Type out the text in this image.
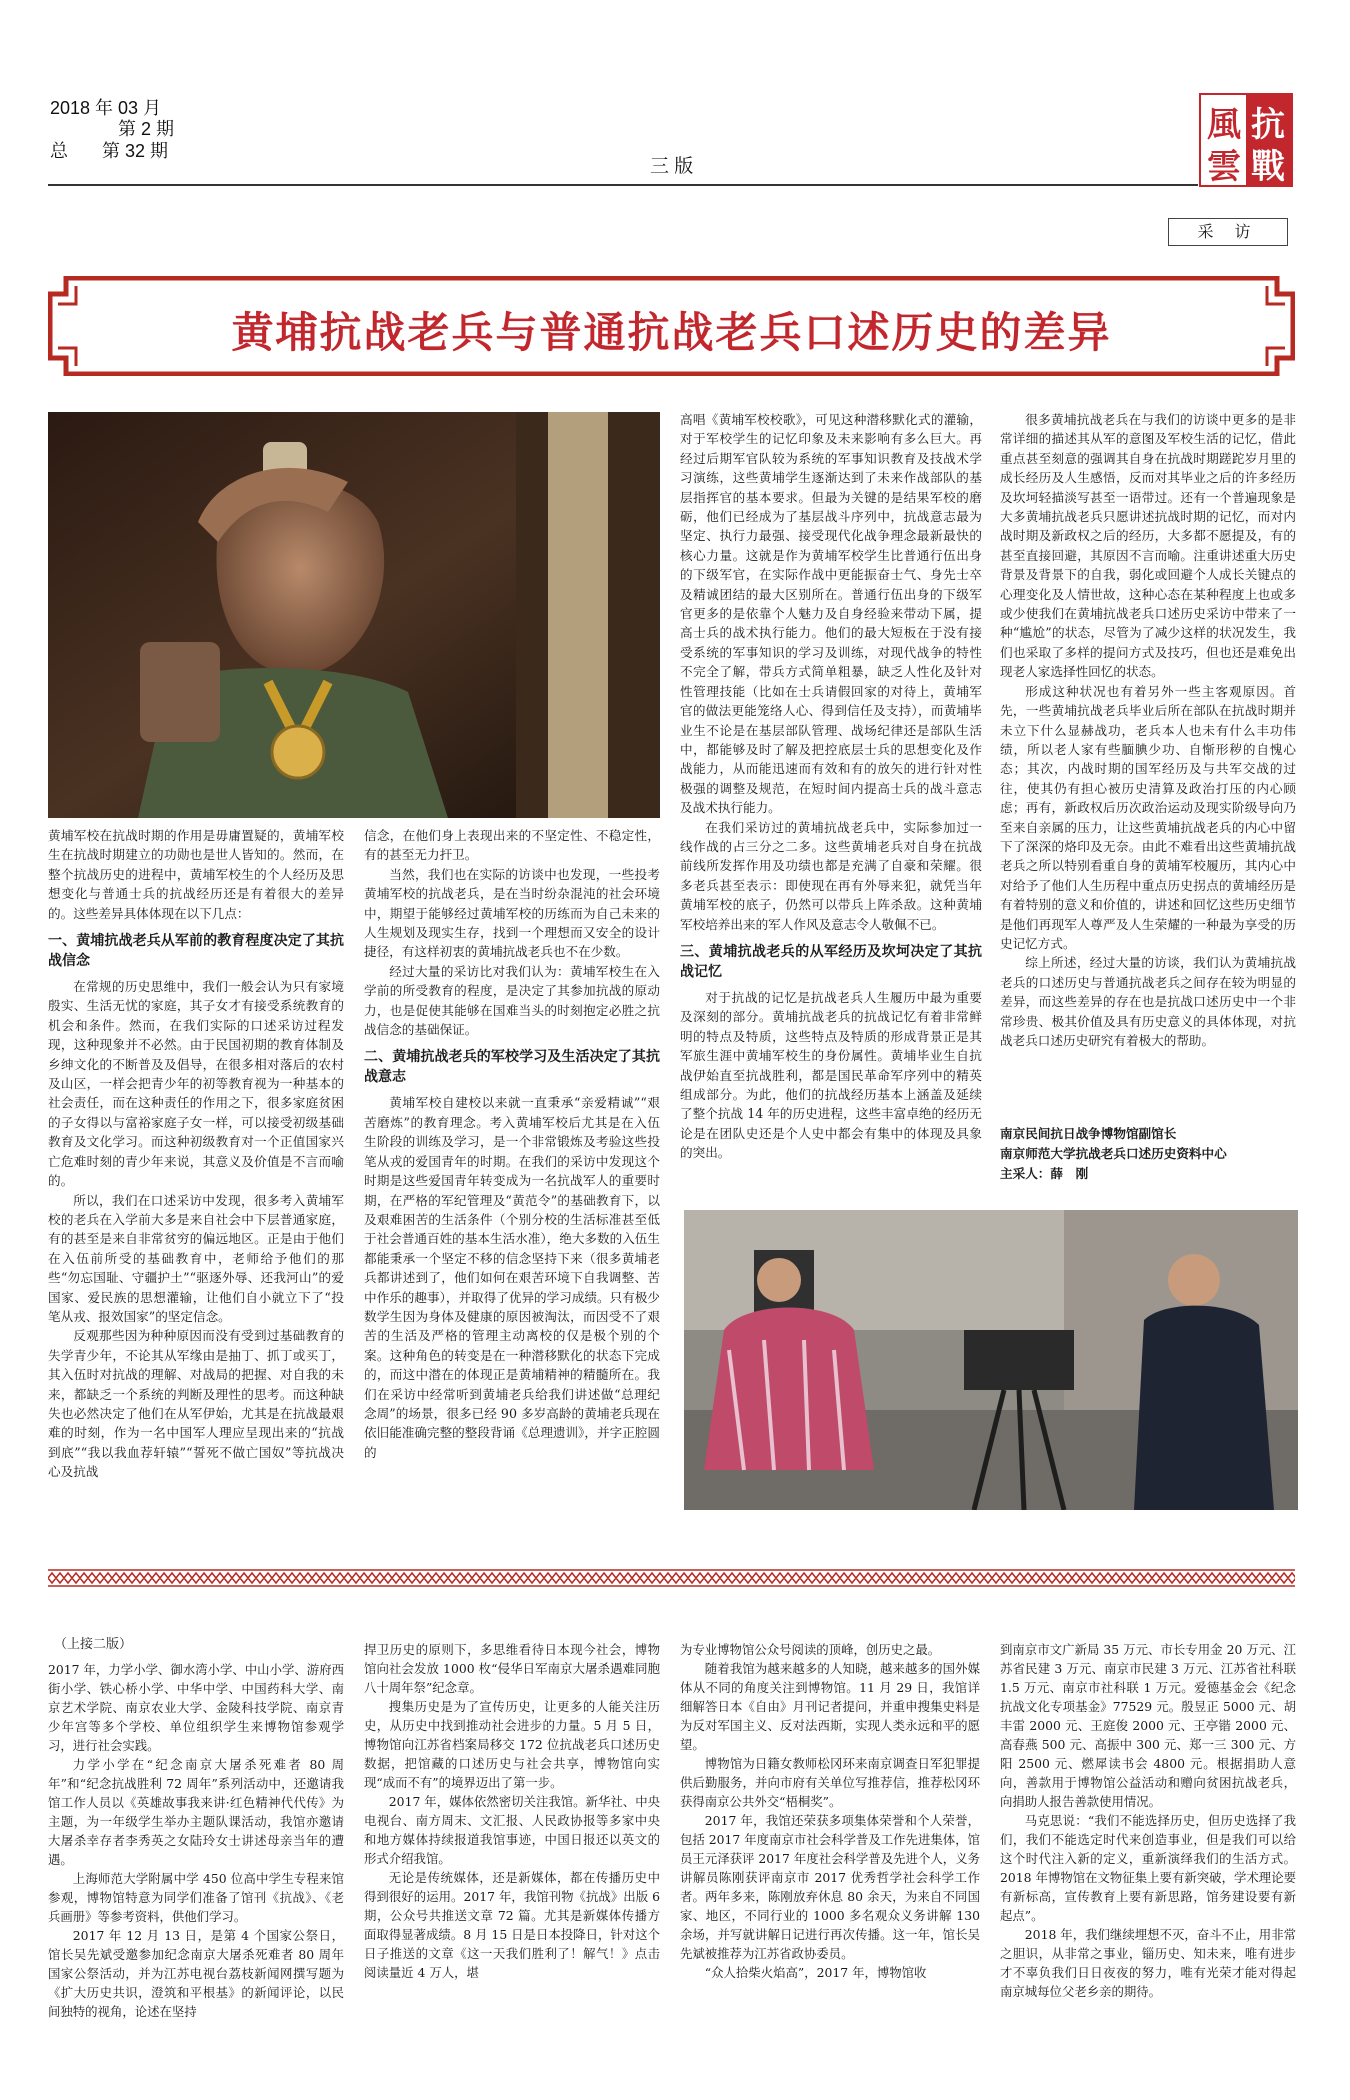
2018 年 03 月
第 2 期
总 第 32 期
三 版
風 抗
雲 戰
采 访
黄埔抗战老兵与普通抗战老兵口述历史的差异

黄埔军校在抗战时期的作用是毋庸置疑的，黄埔军校生在抗战时期建立的功勋也是世人皆知的。然而，在整个抗战历史的进程中，黄埔军校生的个人经历及思想变化与普通士兵的抗战经历还是有着很大的差异的。这些差异具体体现在以下几点：

一、黄埔抗战老兵从军前的教育程度决定了其抗战信念

在常规的历史思维中，我们一般会认为只有家境殷实、生活无忧的家庭，其子女才有接受系统教育的机会和条件。然而，在我们实际的口述采访过程发现，这种现象并不必然。由于民国初期的教育体制及乡绅文化的不断普及及倡导，在很多相对落后的农村及山区，一样会把青少年的初等教育视为一种基本的社会责任，而在这种责任的作用之下，很多家庭贫困的子女得以与富裕家庭子女一样，可以接受初级基础教育及文化学习。而这种初级教育对一个正值国家兴亡危难时刻的青少年来说，其意义及价值是不言而喻的。

所以，我们在口述采访中发现，很多考入黄埔军校的老兵在入学前大多是来自社会中下层普通家庭，有的甚至是来自非常贫穷的偏远地区。正是由于他们在入伍前所受的基础教育中，老师给予他们的那些“勿忘国耻、守疆护土”“驱逐外辱、还我河山”的爱国家、爱民族的思想灌输，让他们自小就立下了“投笔从戎、报效国家”的坚定信念。

反观那些因为种种原因而没有受到过基础教育的失学青少年，不论其从军缘由是抽丁、抓丁或买丁，其入伍时对抗战的理解、对战局的把握、对自我的未来，都缺乏一个系统的判断及理性的思考。而这种缺失也必然决定了他们在从军伊始，尤其是在抗战最艰难的时刻，作为一名中国军人理应呈现出来的“抗战到底”“我以我血荐轩辕”“誓死不做亡国奴”等抗战决心及抗战

信念，在他们身上表现出来的不坚定性、不稳定性，有的甚至无力扞卫。

当然，我们也在实际的访谈中也发现，一些投考黄埔军校的抗战老兵，是在当时纷杂混沌的社会环境中，期望于能够经过黄埔军校的历练而为自己未来的人生规划及现实生存，找到一个理想而又安全的设计捷径，有这样初衷的黄埔抗战老兵也不在少数。

经过大量的采访比对我们认为：黄埔军校生在入学前的所受教育的程度，是决定了其参加抗战的原动力，也是促使其能够在国难当头的时刻抱定必胜之抗战信念的基础保证。

二、黄埔抗战老兵的军校学习及生活决定了其抗战意志

黄埔军校自建校以来就一直秉承“亲爱精诚”“艰苦磨炼”的教育理念。考入黄埔军校后尤其是在入伍生阶段的训练及学习，是一个非常锻炼及考验这些投笔从戎的爱国青年的时期。在我们的采访中发现这个时期是这些爱国青年转变成为一名抗战军人的重要时期，在严格的军纪管理及“黄范令”的基础教育下，以及艰难困苦的生活条件（个别分校的生活标准甚至低于社会普通百姓的基本生活水准），绝大多数的入伍生都能秉承一个坚定不移的信念坚持下来（很多黄埔老兵都讲述到了，他们如何在艰苦环境下自我调整、苦中作乐的趣事），并取得了优异的学习成绩。只有极少数学生因为身体及健康的原因被淘汰，而因受不了艰苦的生活及严格的管理主动离校的仅是极个别的个案。这种角色的转变是在一种潜移默化的状态下完成的，而这中潜在的体现正是黄埔精神的精髓所在。我们在采访中经常听到黄埔老兵给我们讲述做“总理纪念周”的场景，很多已经 90 多岁高龄的黄埔老兵现在依旧能准确完整的整段背诵《总理遗训》，并字正腔圆的

高唱《黄埔军校校歌》，可见这种潜移默化式的灌输，对于军校学生的记忆印象及未来影响有多么巨大。再经过后期军官队较为系统的军事知识教育及技战术学习演练，这些黄埔学生逐渐达到了未来作战部队的基层指挥官的基本要求。但最为关键的是结果军校的磨砺，他们已经成为了基层战斗序列中，抗战意志最为坚定、执行力最强、接受现代化战争理念最新最快的核心力量。这就是作为黄埔军校学生比普通行伍出身的下级军官，在实际作战中更能振奋士气、身先士卒及精诚团结的最大区别所在。普通行伍出身的下级军官更多的是依靠个人魅力及自身经验来带动下属，提高士兵的战术执行能力。他们的最大短板在于没有接受系统的军事知识的学习及训练，对现代战争的特性不完全了解，带兵方式简单粗暴，缺乏人性化及针对性管理技能（比如在士兵请假回家的对待上，黄埔军官的做法更能笼络人心、得到信任及支持），而黄埔毕业生不论是在基层部队管理、战场纪律还是部队生活中，都能够及时了解及把控底层士兵的思想变化及作战能力，从而能迅速而有效和有的放矢的进行针对性极强的调整及规范，在短时间内提高士兵的战斗意志及战术执行能力。

在我们采访过的黄埔抗战老兵中，实际参加过一线作战的占三分之二多。这些黄埔老兵对自身在抗战前线所发挥作用及功绩也都是充满了自豪和荣耀。很多老兵甚至表示：即使现在再有外辱来犯，就凭当年黄埔军校的底子，仍然可以带兵上阵杀敌。这种黄埔军校培养出来的军人作风及意志令人敬佩不已。

三、黄埔抗战老兵的从军经历及坎坷决定了其抗战记忆

对于抗战的记忆是抗战老兵人生履历中最为重要及深刻的部分。黄埔抗战老兵的抗战记忆有着非常鲜明的特点及特质，这些特点及特质的形成背景正是其军旅生涯中黄埔军校生的身份属性。黄埔毕业生自抗战伊始直至抗战胜利，都是国民革命军序列中的精英组成部分。为此，他们的抗战经历基本上涵盖及延续了整个抗战 14 年的历史进程，这些丰富卓绝的经历无论是在团队史还是个人史中都会有集中的体现及具象的突出。

很多黄埔抗战老兵在与我们的访谈中更多的是非常详细的描述其从军的意图及军校生活的记忆，借此重点甚至刻意的强调其自身在抗战时期蹉跎岁月里的成长经历及人生感悟，反而对其毕业之后的许多经历及坎坷轻描淡写甚至一语带过。还有一个普遍现象是大多黄埔抗战老兵只愿讲述抗战时期的记忆，而对内战时期及新政权之后的经历，大多都不愿提及，有的甚至直接回避，其原因不言而喻。注重讲述重大历史背景及背景下的自我，弱化或回避个人成长关键点的心理变化及人情世故，这种心态在某种程度上也或多或少使我们在黄埔抗战老兵口述历史采访中带来了一种“尴尬”的状态，尽管为了减少这样的状况发生，我们也采取了多样的提问方式及技巧，但也还是难免出现老人家选择性回忆的状态。

形成这种状况也有着另外一些主客观原因。首先，一些黄埔抗战老兵毕业后所在部队在抗战时期并未立下什么显赫战功，老兵本人也未有什么丰功伟绩，所以老人家有些腼腆少功、自惭形秽的自愧心态；其次，内战时期的国军经历及与共军交战的过往，使其仍有担心被历史清算及政治打压的内心顾虑；再有，新政权后历次政治运动及现实阶级导向乃至来自亲属的压力，让这些黄埔抗战老兵的内心中留下了深深的烙印及无奈。由此不难看出这些黄埔抗战老兵之所以特别看重自身的黄埔军校履历，其内心中对给予了他们人生历程中重点历史拐点的黄埔经历是有着特别的意义和价值的，讲述和回忆这些历史细节是他们再现军人尊严及人生荣耀的一种最为享受的历史记忆方式。

综上所述，经过大量的访谈，我们认为黄埔抗战老兵的口述历史与普通抗战老兵之间存在较为明显的差异，而这些差异的存在也是抗战口述历史中一个非常珍贵、极其价值及具有历史意义的具体体现，对抗战老兵口述历史研究有着极大的帮助。

南京民间抗日战争博物馆副馆长
南京师范大学抗战老兵口述历史资料中心
主采人：薛　刚
（上接二版）

2017 年，力学小学、御水湾小学、中山小学、游府西街小学、铁心桥小学、中华中学、中国药科大学、南京艺术学院、南京农业大学、金陵科技学院、南京青少年宫等多个学校、单位组织学生来博物馆参观学习，进行社会实践。

力学小学在“纪念南京大屠杀死难者 80 周年”和“纪念抗战胜利 72 周年”系列活动中，还邀请我馆工作人员以《英雄故事我来讲·红色精神代代传》为主题，为一年级学生举办主题队课活动，我馆亦邀请大屠杀幸存者李秀英之女陆玲女士讲述母亲当年的遭遇。

上海师范大学附属中学 450 位高中学生专程来馆参观，博物馆特意为同学们准备了馆刊《抗战》、《老兵画册》等参考资料，供他们学习。

2017 年 12 月 13 日，是第 4 个国家公祭日，馆长吴先斌受邀参加纪念南京大屠杀死难者 80 周年国家公祭活动，并为江苏电视台荔枝新闻网撰写题为《扩大历史共识，澄筑和平根基》的新闻评论，以民间独特的视角，论述在坚持

捍卫历史的原则下，多思维看待日本现今社会，博物馆向社会发放 1000 枚“侵华日军南京大屠杀遇难同胞八十周年祭”纪念章。

搜集历史是为了宣传历史，让更多的人能关注历史，从历史中找到推动社会进步的力量。5 月 5 日，博物馆向江苏省档案局移交 172 位抗战老兵口述历史数据，把馆藏的口述历史与社会共享，博物馆向实现“成而不有”的境界迈出了第一步。

2017 年，媒体依然密切关注我馆。新华社、中央电视台、南方周末、文汇报、人民政协报等多家中央和地方媒体持续报道我馆事迹，中国日报还以英文的形式介绍我馆。

无论是传统媒体，还是新媒体，都在传播历史中得到很好的运用。2017 年，我馆刊物《抗战》出版 6 期，公众号共推送文章 72 篇。尤其是新媒体传播方面取得显著成绩。8 月 15 日是日本投降日，针对这个日子推送的文章《这一天我们胜利了！解气！》点击阅读量近 4 万人，堪

为专业博物馆公众号阅读的顶峰，创历史之最。

随着我馆为越来越多的人知晓，越来越多的国外媒体从不同的角度关注到博物馆。11 月 29 日，我馆详细解答日本《自由》月刊记者提问，并重申搜集史料是为反对军国主义、反对法西斯，实现人类永远和平的愿望。

博物馆为日籍女教师松冈环来南京调查日军犯罪提供后勤服务，并向市府有关单位写推荐信，推荐松冈环获得南京公共外交“梧桐奖”。

2017 年，我馆还荣获多项集体荣誉和个人荣誉，包括 2017 年度南京市社会科学普及工作先进集体，馆员王元泽获评 2017 年度社会科学普及先进个人，义务讲解员陈刚获评南京市 2017 优秀哲学社会科学工作者。两年多来，陈刚放弃休息 80 余天，为来自不同国家、地区，不同行业的 1000 多名观众义务讲解 130 余场，并写就讲解日记进行再次传播。这一年，馆长吴先斌被推荐为江苏省政协委员。

“众人拾柴火焰高”，2017 年，博物馆收

到南京市文广新局 35 万元、市长专用金 20 万元、江苏省民建 3 万元、南京市民建 3 万元、江苏省社科联 1.5 万元、南京市社科联 1 万元。爱德基金会《纪念抗战文化专项基金》77529 元。殷昱正 5000 元、胡丰雷 2000 元、王庭俊 2000 元、王亭锴 2000 元、高春燕 500 元、高振中 300 元、郑一三 300 元、方阳 2500 元、燃犀读书会 4800 元。根据捐助人意向，善款用于博物馆公益活动和赠向贫困抗战老兵，向捐助人报告善款使用情况。

马克思说：“我们不能选择历史，但历史选择了我们，我们不能选定时代来创造事业，但是我们可以给这个时代注入新的定义，重新演绎我们的生活方式。2018 年博物馆在文物征集上要有新突破，学术理论要有新标高，宣传教育上要有新思路，馆务建设要有新起点”。

2018 年，我们继续埋想不灭，奋斗不止，用非常之胆识，从非常之事业，锱历史、知未来，唯有进步才不辜负我们日日夜夜的努力，唯有光荣才能对得起南京城每位父老乡亲的期待。
